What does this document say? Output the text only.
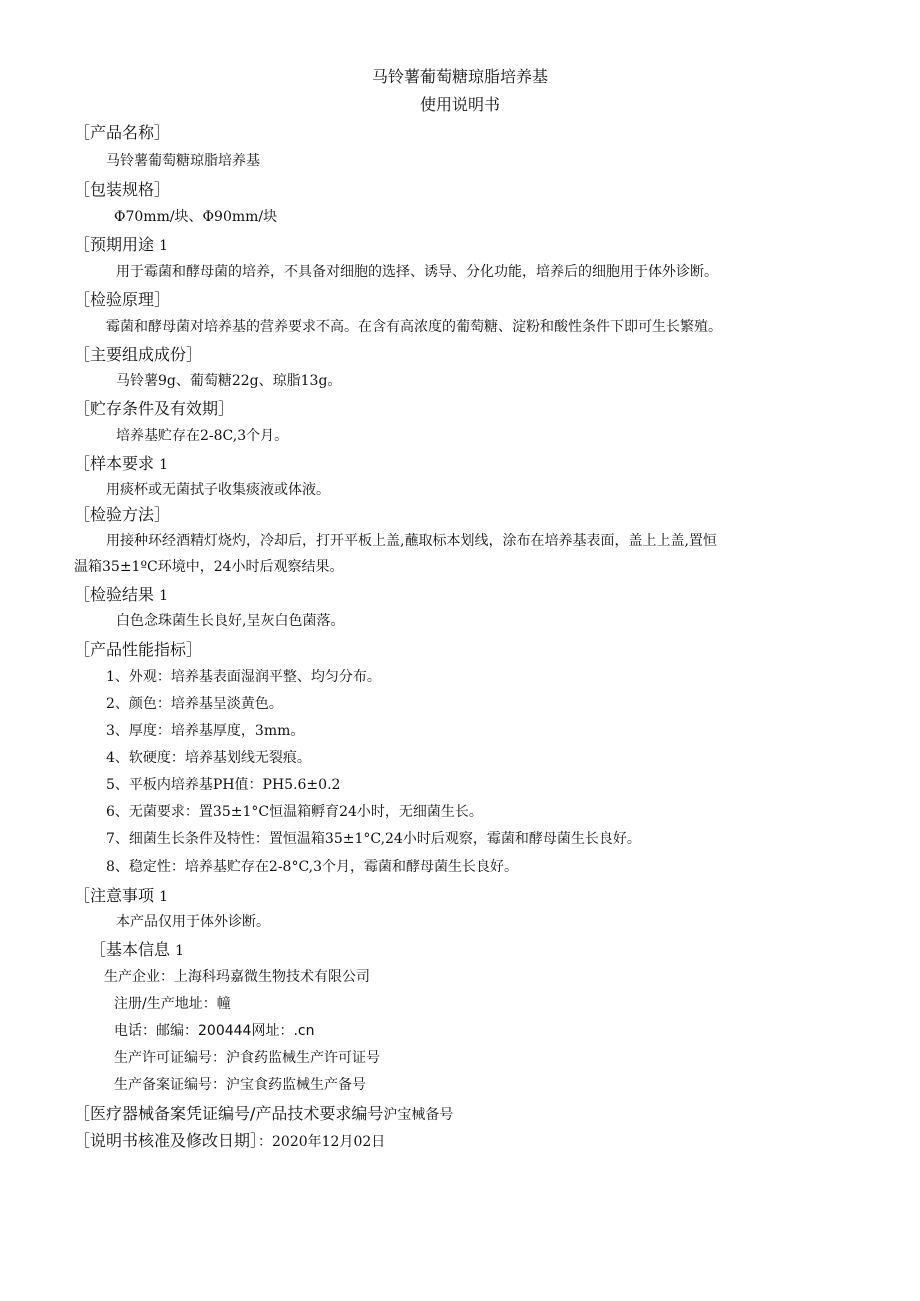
马铃薯葡萄糖琼脂培养基
使用说明书
［产品名称］
马铃薯葡萄糖琼脂培养基
［包装规格］
Φ70mm/块、Φ90mm/块
［预期用途 1
用于霉菌和酵母菌的培养，不具备对细胞的选择、诱导、分化功能，培养后的细胞用于体外诊断。
［检验原理］
霉菌和酵母菌对培养基的营养要求不高。在含有高浓度的葡萄糖、淀粉和酸性条件下即可生长繁殖。
［主要组成成份］
马铃薯9g、葡萄糖22g、琼脂13g。
［贮存条件及有效期］
培养基贮存在2-8C,3个月。
［样本要求 1
用痰杯或无菌拭子收集痰液或体液。
［检验方法］
用接种环经酒精灯烧灼，冷却后，打开平板上盖,蘸取标本划线，涂布在培养基表面，盖上上盖,置恒
温箱35±1ºC环境中，24小时后观察结果。
［检验结果 1
白色念珠菌生长良好,呈灰白色菌落。
［产品性能指标］
1、外观：培养基表面湿润平整、均匀分布。
2、颜色：培养基呈淡黄色。
3、厚度：培养基厚度，3mm。
4、软硬度：培养基划线无裂痕。
5、平板内培养基PH值：PH5.6±0.2
6、无菌要求：置35±1°C恒温箱孵育24小时，无细菌生长。
7、细菌生长条件及特性：置恒温箱35±1°C,24小时后观察，霉菌和酵母菌生长良好。
8、稳定性：培养基贮存在2-8°C,3个月，霉菌和酵母菌生长良好。
［注意事项 1
本产品仅用于体外诊断。
［基本信息 1
生产企业：上海科玛嘉微生物技术有限公司
注册/生产地址：幢
电话：邮编：200444网址：.cn
生产许可证编号：沪食药监械生产许可证号
生产备案证编号：沪宝食药监械生产备号
［医疗器械备案凭证编号/产品技术要求编号沪宝械备号
［说明书核准及修改日期］：2020年12月02日
